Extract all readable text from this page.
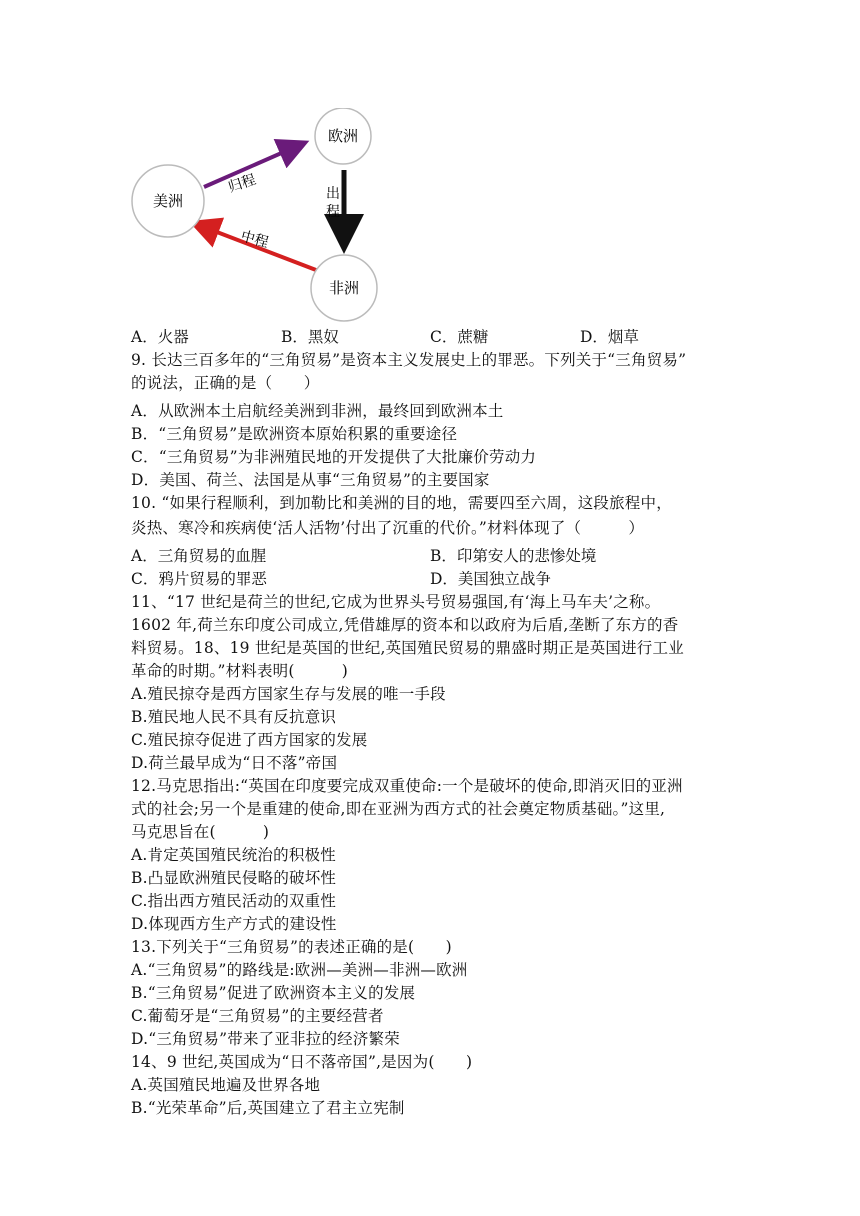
欧洲
美洲
非洲
归程	出
程
中程
A．火器	B．黑奴	C．蔗糖	D．烟草
9. 长达三百多年的“三角贸易”是资本主义发展史上的罪恶。下列关于“三角贸易”
的说法，正确的是（　　）
A．从欧洲本土启航经美洲到非洲，最终回到欧洲本土
B．“三角贸易”是欧洲资本原始积累的重要途径
C．“三角贸易”为非洲殖民地的开发提供了大批廉价劳动力
D．美国、荷兰、法国是从事“三角贸易”的主要国家
10. “如果行程顺利，到加勒比和美洲的目的地，需要四至六周，这段旅程中，
炎热、寒冷和疾病使‘活人活物’付出了沉重的代价。”材料体现了（　　　）
A．三角贸易的血腥	B．印第安人的悲惨处境
C．鸦片贸易的罪恶	D．美国独立战争
11、“17 世纪是荷兰的世纪,它成为世界头号贸易强国,有‘海上马车夫’之称。
1602 年,荷兰东印度公司成立,凭借雄厚的资本和以政府为后盾,垄断了东方的香
料贸易。18、19 世纪是英国的世纪,英国殖民贸易的鼎盛时期正是英国进行工业
革命的时期。”材料表明(　　　)
A.殖民掠夺是西方国家生存与发展的唯一手段
B.殖民地人民不具有反抗意识
C.殖民掠夺促进了西方国家的发展
D.荷兰最早成为“日不落”帝国
12.马克思指出:“英国在印度要完成双重使命:一个是破坏的使命,即消灭旧的亚洲
式的社会;另一个是重建的使命,即在亚洲为西方式的社会奠定物质基础。”这里,
马克思旨在(　　　)
A.肯定英国殖民统治的积极性
B.凸显欧洲殖民侵略的破坏性
C.指出西方殖民活动的双重性
D.体现西方生产方式的建设性
13.下列关于“三角贸易”的表述正确的是(　　)
A.“三角贸易”的路线是:欧洲—美洲—非洲—欧洲
B.“三角贸易”促进了欧洲资本主义的发展
C.葡萄牙是“三角贸易”的主要经营者
D.“三角贸易”带来了亚非拉的经济繁荣
14、9 世纪,英国成为“日不落帝国”,是因为(　　)
A.英国殖民地遍及世界各地
B.“光荣革命”后,英国建立了君主立宪制
